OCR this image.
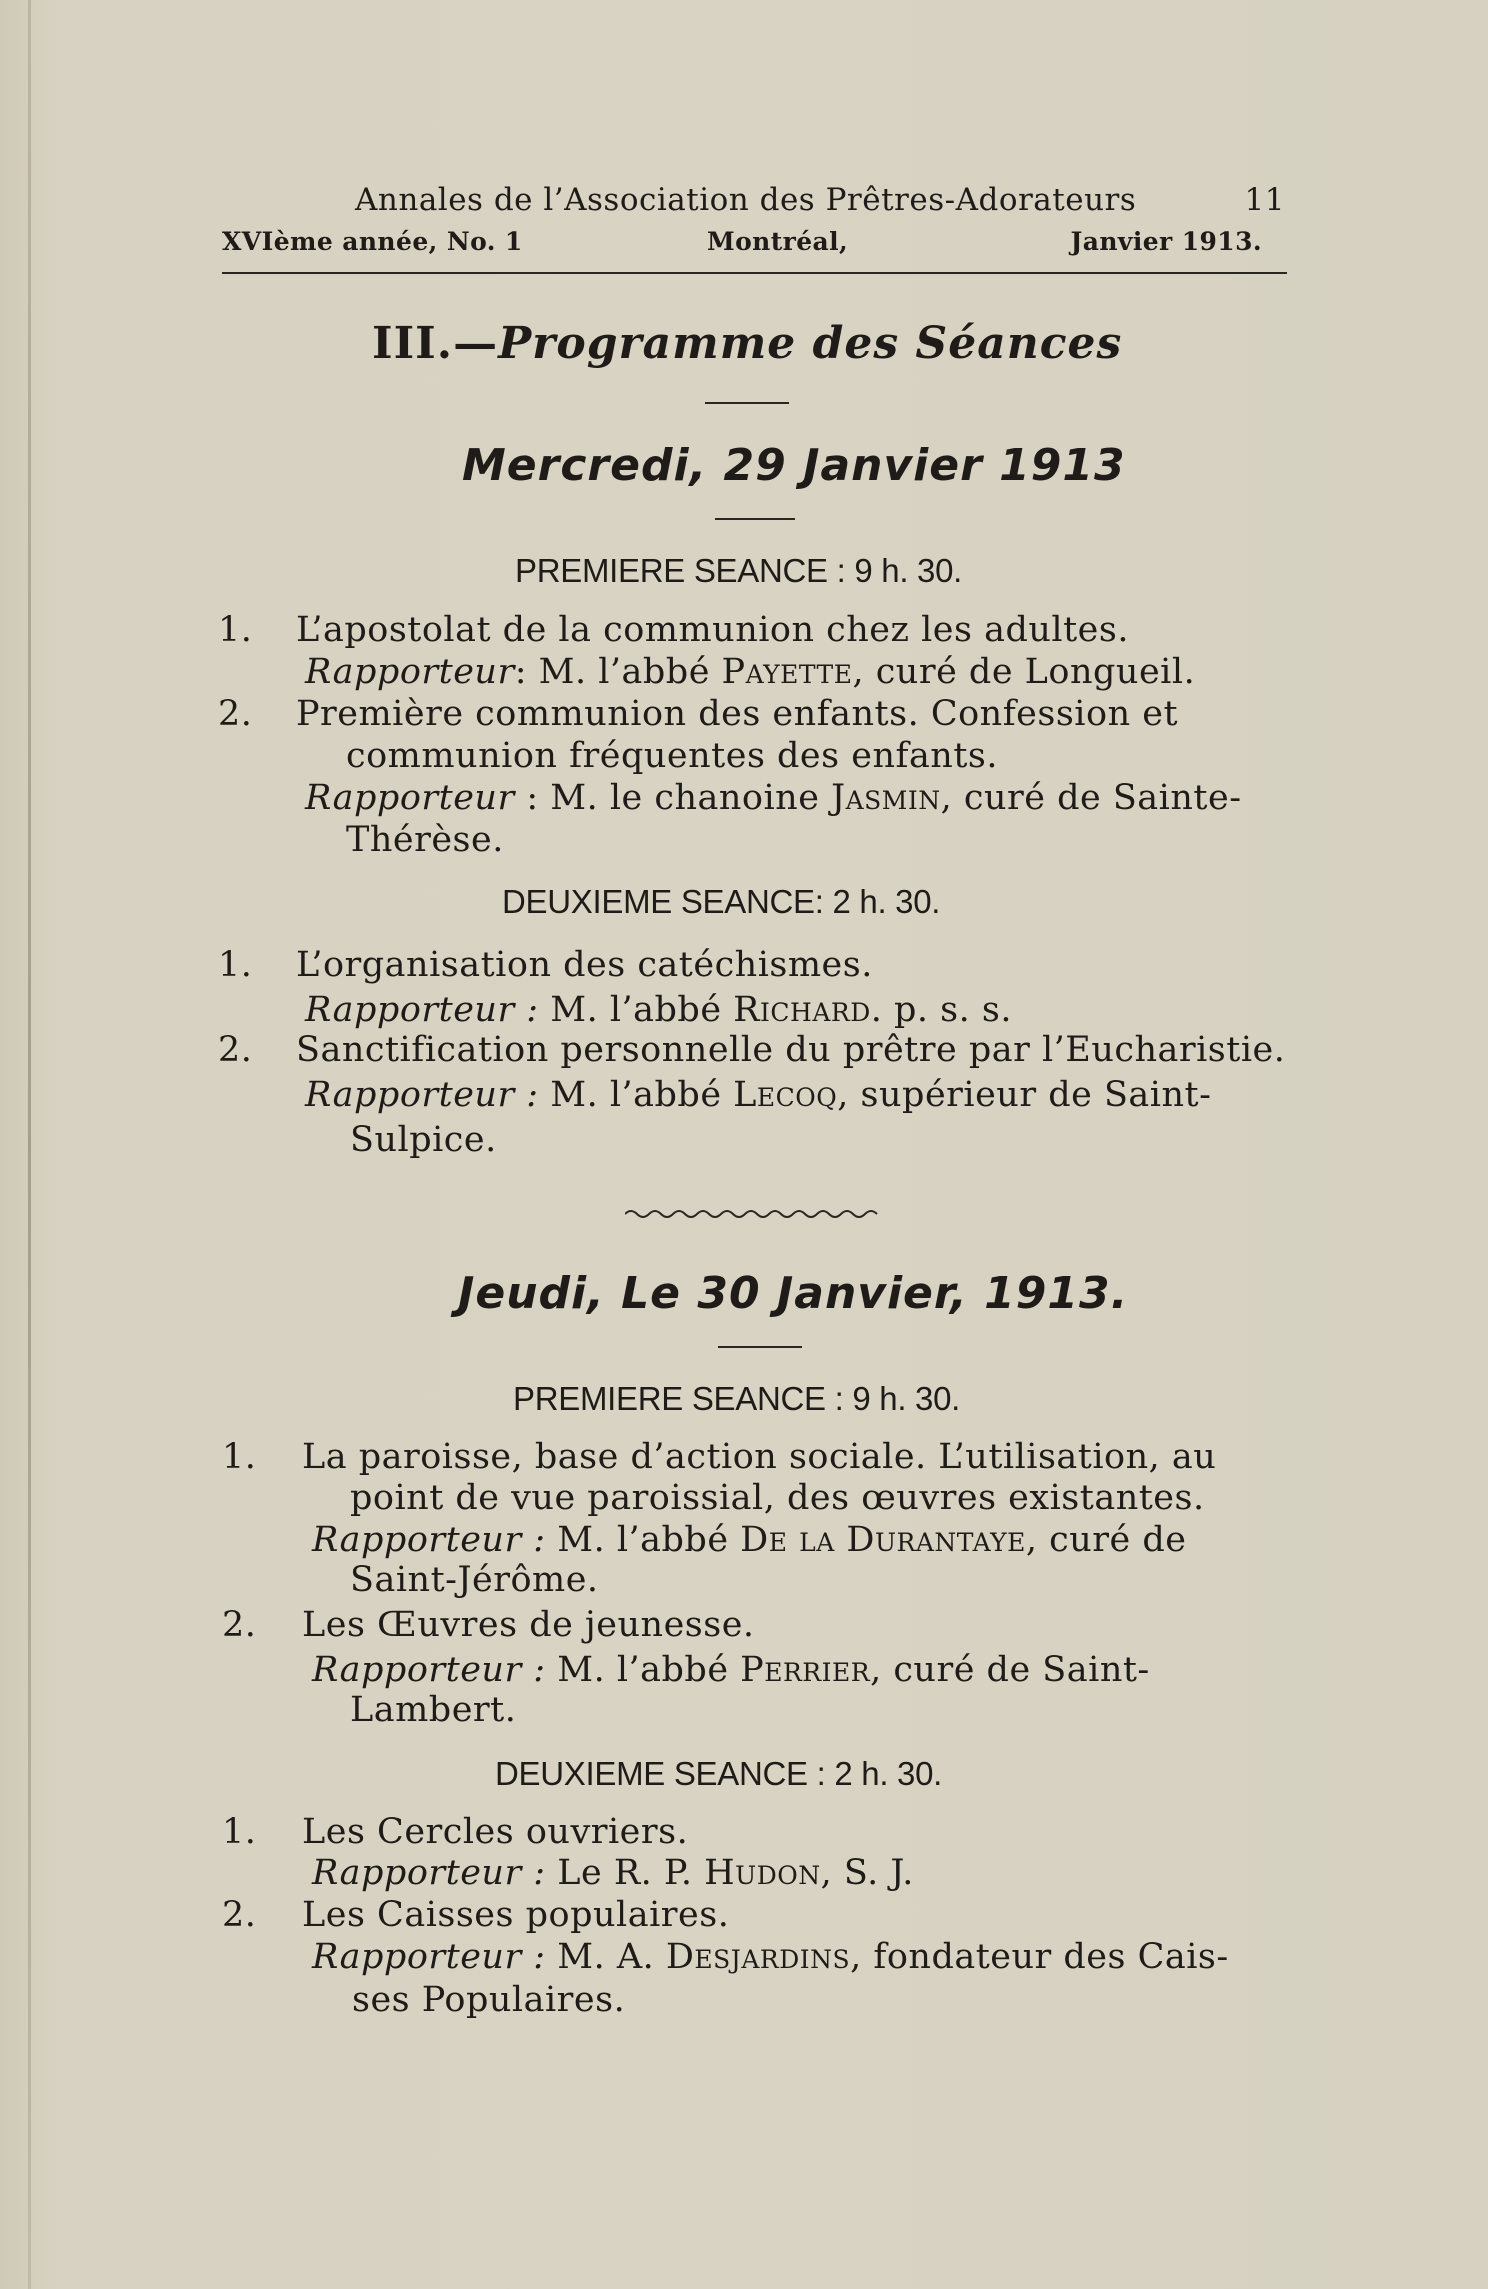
Annales de l’Association des Prêtres-Adorateurs	11
XVIème année, No. 1	Montréal,	Janvier 1913.
III.—Programme des Séances
Mercredi, 29 Janvier 1913
PREMIERE SEANCE : 9 h. 30.
1. L’apostolat de la communion chez les adultes.
Rapporteur: M. l’abbé Payette, curé de Longueil.
2. Première communion des enfants. Confession et
communion fréquentes des enfants.
Rapporteur : M. le chanoine Jasmin, curé de Sainte-
Thérèse.
DEUXIEME SEANCE: 2 h. 30.
1. L’organisation des catéchismes.
Rapporteur : M. l’abbé Richard. p. s. s.
2. Sanctification personnelle du prêtre par l’Eucharistie.
Rapporteur : M. l’abbé Lecoq, supérieur de Saint-
Sulpice.
Jeudi, Le 30 Janvier, 1913.
PREMIERE SEANCE : 9 h. 30.
1. La paroisse, base d’action sociale. L’utilisation, au
point de vue paroissial, des œuvres existantes.
Rapporteur : M. l’abbé De la Durantaye, curé de
Saint-Jérôme.
2. Les Œuvres de jeunesse.
Rapporteur : M. l’abbé Perrier, curé de Saint-
Lambert.
DEUXIEME SEANCE : 2 h. 30.
1. Les Cercles ouvriers.
Rapporteur : Le R. P. Hudon, S. J.
2. Les Caisses populaires.
Rapporteur : M. A. Desjardins, fondateur des Cais-
ses Populaires.
